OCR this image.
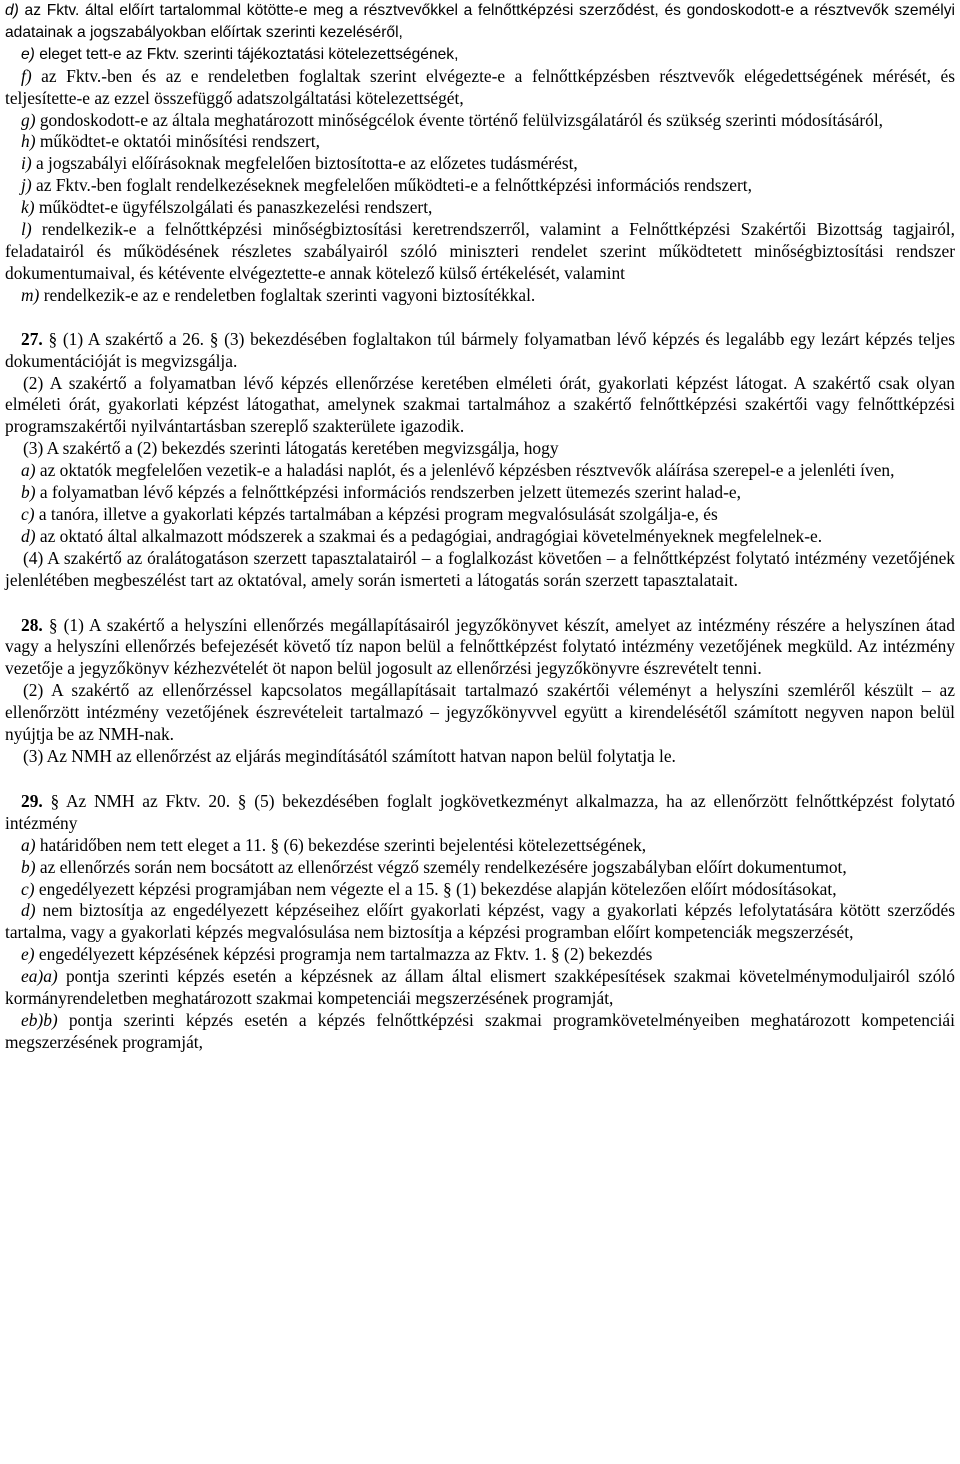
d) az Fktv. által előírt tartalommal kötötte-e meg a résztvevőkkel a felnőttképzési szerződést, és gondoskodott-e a résztvevők személyi adatainak a jogszabályokban előírtak szerinti kezeléséről,

e) eleget tett-e az Fktv. szerinti tájékoztatási kötelezettségének,

f) az Fktv.-ben és az e rendeletben foglaltak szerint elvégezte-e a felnőttképzésben résztvevők elégedettségének mérését, és teljesítette-e az ezzel összefüggő adatszolgáltatási kötelezettségét,

g) gondoskodott-e az általa meghatározott minőségcélok évente történő felülvizsgálatáról és szükség szerinti módosításáról,

h) működtet-e oktatói minősítési rendszert,

i) a jogszabályi előírásoknak megfelelően biztosította-e az előzetes tudásmérést,

j) az Fktv.-ben foglalt rendelkezéseknek megfelelően működteti-e a felnőttképzési információs rendszert,

k) működtet-e ügyfélszolgálati és panaszkezelési rendszert,

l) rendelkezik-e a felnőttképzési minőségbiztosítási keretrendszerről, valamint a Felnőttképzési Szakértői Bizottság tagjairól, feladatairól és működésének részletes szabályairól szóló miniszteri rendelet szerint működtetett minőségbiztosítási rendszer dokumentumaival, és kétévente elvégeztette-e annak kötelező külső értékelését, valamint

m) rendelkezik-e az e rendeletben foglaltak szerinti vagyoni biztosítékkal.

27. § (1) A szakértő a 26. § (3) bekezdésében foglaltakon túl bármely folyamatban lévő képzés és legalább egy lezárt képzés teljes dokumentációját is megvizsgálja.

(2) A szakértő a folyamatban lévő képzés ellenőrzése keretében elméleti órát, gyakorlati képzést látogat. A szakértő csak olyan elméleti órát, gyakorlati képzést látogathat, amelynek szakmai tartalmához a szakértő felnőttképzési szakértői vagy felnőttképzési programszakértői nyilvántartásban szereplő szakterülete igazodik.

(3) A szakértő a (2) bekezdés szerinti látogatás keretében megvizsgálja, hogy

a) az oktatók megfelelően vezetik-e a haladási naplót, és a jelenlévő képzésben résztvevők aláírása szerepel-e a jelenléti íven,

b) a folyamatban lévő képzés a felnőttképzési információs rendszerben jelzett ütemezés szerint halad-e,

c) a tanóra, illetve a gyakorlati képzés tartalmában a képzési program megvalósulását szolgálja-e, és

d) az oktató által alkalmazott módszerek a szakmai és a pedagógiai, andragógiai követelményeknek megfelelnek-e.

(4) A szakértő az óralátogatáson szerzett tapasztalatairól – a foglalkozást követően – a felnőttképzést folytató intézmény vezetőjének jelenlétében megbeszélést tart az oktatóval, amely során ismerteti a látogatás során szerzett tapasztalatait.

28. § (1) A szakértő a helyszíni ellenőrzés megállapításairól jegyzőkönyvet készít, amelyet az intézmény részére a helyszínen átad vagy a helyszíni ellenőrzés befejezését követő tíz napon belül a felnőttképzést folytató intézmény vezetőjének megküld. Az intézmény vezetője a jegyzőkönyv kézhezvételét öt napon belül jogosult az ellenőrzési jegyzőkönyvre észrevételt tenni.

(2) A szakértő az ellenőrzéssel kapcsolatos megállapításait tartalmazó szakértői véleményt a helyszíni szemléről készült – az ellenőrzött intézmény vezetőjének észrevételeit tartalmazó – jegyzőkönyvvel együtt a kirendelésétől számított negyven napon belül nyújtja be az NMH-nak.

(3) Az NMH az ellenőrzést az eljárás megindításától számított hatvan napon belül folytatja le.

29. § Az NMH az Fktv. 20. § (5) bekezdésében foglalt jogkövetkezményt alkalmazza, ha az ellenőrzött felnőttképzést folytató intézmény

a) határidőben nem tett eleget a 11. § (6) bekezdése szerinti bejelentési kötelezettségének,

b) az ellenőrzés során nem bocsátott az ellenőrzést végző személy rendelkezésére jogszabályban előírt dokumentumot,

c) engedélyezett képzési programjában nem végezte el a 15. § (1) bekezdése alapján kötelezően előírt módosításokat,

d) nem biztosítja az engedélyezett képzéseihez előírt gyakorlati képzést, vagy a gyakorlati képzés lefolytatására kötött szerződés tartalma, vagy a gyakorlati képzés megvalósulása nem biztosítja a képzési programban előírt kompetenciák megszerzését,

e) engedélyezett képzésének képzési programja nem tartalmazza az Fktv. 1. § (2) bekezdés

ea)a) pontja szerinti képzés esetén a képzésnek az állam által elismert szakképesítések szakmai követelménymoduljairól szóló kormányrendeletben meghatározott szakmai kompetenciái megszerzésének programját,

eb)b) pontja szerinti képzés esetén a képzés felnőttképzési szakmai programkövetelményeiben meghatározott kompetenciái megszerzésének programját,
